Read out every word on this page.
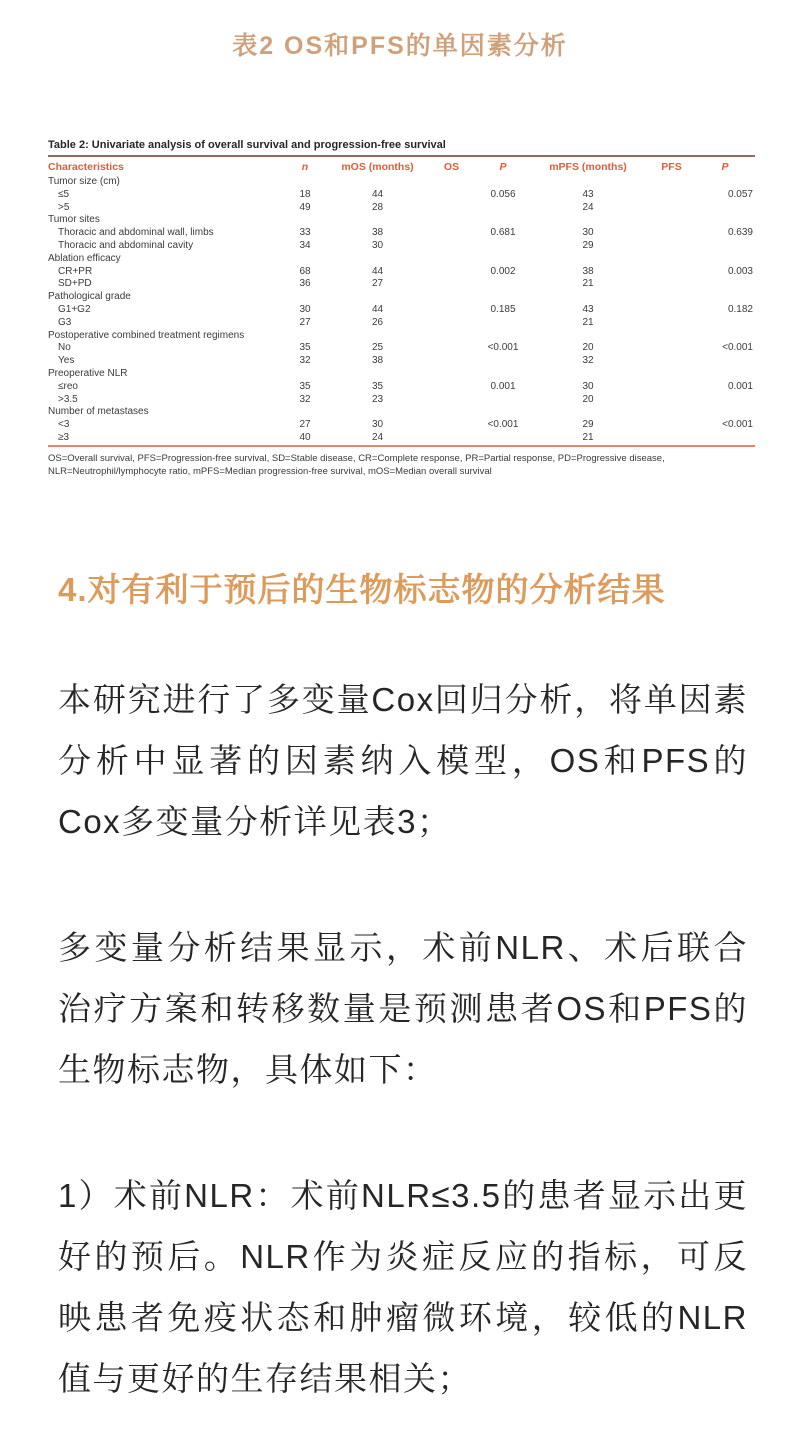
表2 OS和PFS的单因素分析
Table 2: Univariate analysis of overall survival and progression-free survival
Characteristics	n	mOS (months)	OS	P	mPFS (months)	PFS	P
Tumor size (cm)							
≤5	18	44		0.056	43		0.057
>5	49	28			24		
Tumor sites							
Thoracic and abdominal wall, limbs	33	38		0.681	30		0.639
Thoracic and abdominal cavity	34	30			29		
Ablation efficacy							
CR+PR	68	44		0.002	38		0.003
SD+PD	36	27			21		
Pathological grade							
G1+G2	30	44		0.185	43		0.182
G3	27	26			21		
Postoperative combined treatment regimens							
No	35	25		<0.001	20		<0.001
Yes	32	38			32		
Preoperative NLR							
≤reo	35	35		0.001	30		0.001
>3.5	32	23			20		
Number of metastases							
<3	27	30		<0.001	29		<0.001
≥3	40	24			21		
OS=Overall survival, PFS=Progression-free survival, SD=Stable disease, CR=Complete response, PR=Partial response, PD=Progressive disease,
NLR=Neutrophil/lymphocyte ratio, mPFS=Median progression-free survival, mOS=Median overall survival
4.对有利于预后的生物标志物的分析结果

本研究进行了多变量Cox回归分析，将单因素分析中显著的因素纳入模型，OS和PFS的Cox多变量分析详见表3；

多变量分析结果显示，术前NLR、术后联合治疗方案和转移数量是预测患者OS和PFS的生物标志物，具体如下：

1）术前NLR：术前NLR≤3.5的患者显示出更好的预后。NLR作为炎症反应的指标，可反映患者免疫状态和肿瘤微环境，较低的NLR值与更好的生存结果相关；
